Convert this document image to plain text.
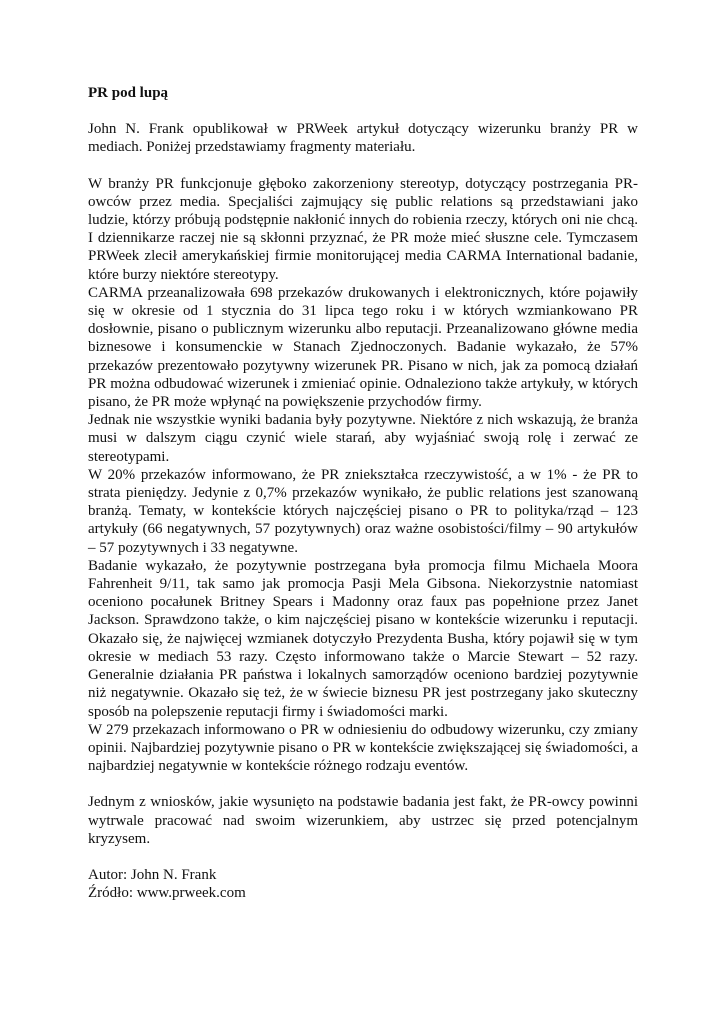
PR pod lupą

John N. Frank opublikował w PRWeek artykuł dotyczący wizerunku branży PR w mediach. Poniżej przedstawiamy fragmenty materiału.

W branży PR funkcjonuje głęboko zakorzeniony stereotyp, dotyczący postrzegania PR-owców przez media. Specjaliści zajmujący się public relations są przedstawiani jako ludzie, którzy próbują podstępnie nakłonić innych do robienia rzeczy, których oni nie chcą. I dziennikarze raczej nie są skłonni przyznać, że PR może mieć słuszne cele. Tymczasem PRWeek zlecił amerykańskiej firmie monitorującej media CARMA International badanie, które burzy niektóre stereotypy.

CARMA przeanalizowała 698 przekazów drukowanych i elektronicznych, które pojawiły się w okresie od 1 stycznia do 31 lipca tego roku i w których wzmiankowano PR dosłownie, pisano o publicznym wizerunku albo reputacji. Przeanalizowano główne media biznesowe i konsumenckie w Stanach Zjednoczonych. Badanie wykazało, że 57% przekazów prezentowało pozytywny wizerunek PR. Pisano w nich, jak za pomocą działań PR można odbudować wizerunek i zmieniać opinie. Odnaleziono także artykuły, w których pisano, że PR może wpłynąć na powiększenie przychodów firmy.

Jednak nie wszystkie wyniki badania były pozytywne. Niektóre z nich wskazują, że branża musi w dalszym ciągu czynić wiele starań, aby wyjaśniać swoją rolę i zerwać ze stereotypami.

W 20% przekazów informowano, że PR zniekształca rzeczywistość, a w 1% - że PR to strata pieniędzy. Jedynie z 0,7% przekazów wynikało, że public relations jest szanowaną branżą. Tematy, w kontekście których najczęściej pisano o PR to polityka/rząd – 123 artykuły (66 negatywnych, 57 pozytywnych) oraz ważne osobistości/filmy – 90 artykułów – 57 pozytywnych i 33 negatywne.

Badanie wykazało, że pozytywnie postrzegana była promocja filmu Michaela Moora Fahrenheit 9/11, tak samo jak promocja Pasji Mela Gibsona. Niekorzystnie natomiast oceniono pocałunek Britney Spears i Madonny oraz faux pas popełnione przez Janet Jackson. Sprawdzono także, o kim najczęściej pisano w kontekście wizerunku i reputacji. Okazało się, że najwięcej wzmianek dotyczyło Prezydenta Busha, który pojawił się w tym okresie w mediach 53 razy. Często informowano także o Marcie Stewart – 52 razy. Generalnie działania PR państwa i lokalnych samorządów oceniono bardziej pozytywnie niż negatywnie. Okazało się też, że w świecie biznesu PR jest postrzegany jako skuteczny sposób na polepszenie reputacji firmy i świadomości marki.

W 279 przekazach informowano o PR w odniesieniu do odbudowy wizerunku, czy zmiany opinii. Najbardziej pozytywnie pisano o PR w kontekście zwiększającej się świadomości, a najbardziej negatywnie w kontekście różnego rodzaju eventów.

Jednym z wniosków, jakie wysunięto na podstawie badania jest fakt, że PR-owcy powinni wytrwale pracować nad swoim wizerunkiem, aby ustrzec się przed potencjalnym kryzysem.

Autor: John N. Frank

Źródło: www.prweek.com
